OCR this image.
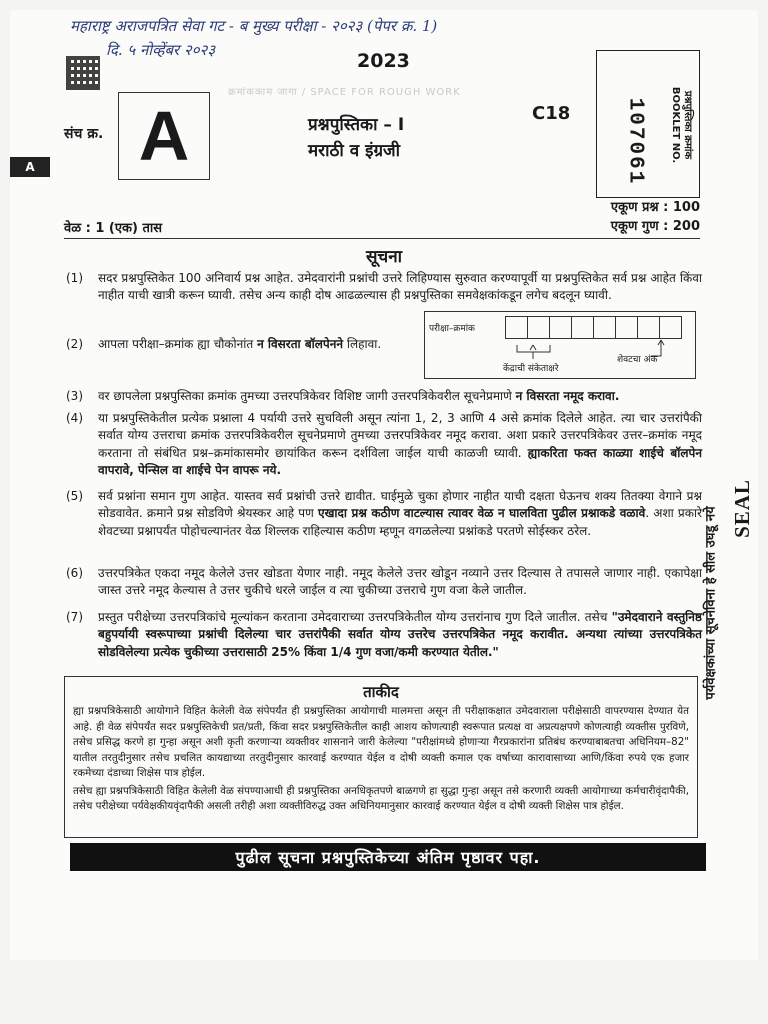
महाराष्ट्र अराजपत्रित सेवा गट - ब मुख्य परीक्षा - २०२३ (पेपर क्र. 1)
दि. ५ नोव्हेंबर २०२३	2023
क्रमांककाम जागा / SPACE FOR ROUGH WORK
संच क्र. A
A
प्रश्नपुस्तिका – I
मराठी व इंग्रजी
C18	107061	प्रश्नपुस्तिका क्रमांक
BOOKLET NO.
एकूण प्रश्न : 100
एकूण गुण : 200
वेळ : 1 (एक) तास
सूचना
(1)	सदर प्रश्नपुस्तिकेत 100 अनिवार्य प्रश्न आहेत. उमेदवारांनी प्रश्नांची उत्तरे लिहिण्यास सुरुवात करण्यापूर्वी या प्रश्नपुस्तिकेत सर्व प्रश्न आहेत किंवा नाहीत याची खात्री करून घ्यावी. तसेच अन्य काही दोष आढळल्यास ही प्रश्नपुस्तिका समवेक्षकांकडून लगेच बदलून घ्यावी.
(2)	आपला परीक्षा–क्रमांक ह्या चौकोनांत न विसरता बॉलपेनने लिहावा.
परीक्षा–क्रमांक
केंद्राची संकेताक्षरे
शेवटचा अंक
(3)	वर छापलेला प्रश्नपुस्तिका क्रमांक तुमच्या उत्तरपत्रिकेवर विशिष्ट जागी उत्तरपत्रिकेवरील सूचनेप्रमाणे न विसरता नमूद करावा.
(4)	या प्रश्नपुस्तिकेतील प्रत्येक प्रश्नाला 4 पर्यायी उत्तरे सुचविली असून त्यांना 1, 2, 3 आणि 4 असे क्रमांक दिलेले आहेत. त्या चार उत्तरांपैकी सर्वात योग्य उत्तराचा क्रमांक उत्तरपत्रिकेवरील सूचनेप्रमाणे तुमच्या उत्तरपत्रिकेवर नमूद करावा. अशा प्रकारे उत्तरपत्रिकेवर उत्तर–क्रमांक नमूद करताना तो संबंधित प्रश्न–क्रमांकासमोर छायांकित करून दर्शविला जाईल याची काळजी घ्यावी. ह्याकरिता फक्त काळ्या शाईचे बॉलपेन वापरावे, पेन्सिल वा शाईचे पेन वापरू नये.
(5)	सर्व प्रश्नांना समान गुण आहेत. यास्तव सर्व प्रश्नांची उत्तरे द्यावीत. घाईमुळे चुका होणार नाहीत याची दक्षता घेऊनच शक्य तितक्या वेगाने प्रश्न सोडवावेत. क्रमाने प्रश्न सोडविणे श्रेयस्कर आहे पण एखादा प्रश्न कठीण वाटल्यास त्यावर वेळ न घालविता पुढील प्रश्नाकडे वळावे. अशा प्रकारे शेवटच्या प्रश्नापर्यंत पोहोचल्यानंतर वेळ शिल्लक राहिल्यास कठीण म्हणून वगळलेल्या प्रश्नांकडे परतणे सोईस्कर ठरेल.
(6)	उत्तरपत्रिकेत एकदा नमूद केलेले उत्तर खोडता येणार नाही. नमूद केलेले उत्तर खोडून नव्याने उत्तर दिल्यास ते तपासले जाणार नाही. एकापेक्षा जास्त उत्तरे नमूद केल्यास ते उत्तर चुकीचे धरले जाईल व त्या चुकीच्या उत्तराचे गुण वजा केले जातील.
(7)	प्रस्तुत परीक्षेच्या उत्तरपत्रिकांचे मूल्यांकन करताना उमेदवाराच्या उत्तरपत्रिकेतील योग्य उत्तरांनाच गुण दिले जातील. तसेच "उमेदवाराने वस्तुनिष्ठ बहुपर्यायी स्वरूपाच्या प्रश्नांची दिलेल्या चार उत्तरांपैकी सर्वात योग्य उत्तरेच उत्तरपत्रिकेत नमूद करावीत. अन्यथा त्यांच्या उत्तरपत्रिकेत सोडविलेल्या प्रत्येक चुकीच्या उत्तरासाठी 25% किंवा 1/4 गुण वजा/कमी करण्यात येतील."
ताकीद
ह्या प्रश्नपत्रिकेसाठी आयोगाने विहित केलेली वेळ संपेपर्यंत ही प्रश्नपुस्तिका आयोगाची मालमत्ता असून ती परीक्षाकक्षात उमेदवाराला परीक्षेसाठी वापरण्यास देण्यात येत आहे. ही वेळ संपेपर्यंत सदर प्रश्नपुस्तिकेची प्रत/प्रती, किंवा सदर प्रश्नपुस्तिकेतील काही आशय कोणत्याही स्वरूपात प्रत्यक्ष वा अप्रत्यक्षपणे कोणत्याही व्यक्तीस पुरविणे, तसेच प्रसिद्ध करणे हा गुन्हा असून अशी कृती करणाऱ्या व्यक्तीवर शासनाने जारी केलेल्या "परीक्षांमध्ये होणाऱ्या गैरप्रकारांना प्रतिबंध करण्याबाबतचा अधिनियम–82" यातील तरतुदीनुसार तसेच प्रचलित कायद्याच्या तरतुदीनुसार कारवाई करण्यात येईल व दोषी व्यक्ती कमाल एक वर्षाच्या कारावासाच्या आणि/किंवा रुपये एक हजार रकमेच्या दंडाच्या शिक्षेस पात्र होईल.
तसेच ह्या प्रश्नपत्रिकेसाठी विहित केलेली वेळ संपण्याआधी ही प्रश्नपुस्तिका अनधिकृतपणे बाळगणे हा सुद्धा गुन्हा असून तसे करणारी व्यक्ती आयोगाच्या कर्मचारीवृंदापैकी, तसेच परीक्षेच्या पर्यवेक्षकीयवृंदापैकी असली तरीही अशा व्यक्तीविरुद्ध उक्त अधिनियमानुसार कारवाई करण्यात येईल व दोषी व्यक्ती शिक्षेस पात्र होईल.
पुढील सूचना प्रश्नपुस्तिकेच्या अंतिम पृष्ठावर पहा.
पर्यवेक्षकांच्या सूचनेविना हे सील उघडू नये SEAL
